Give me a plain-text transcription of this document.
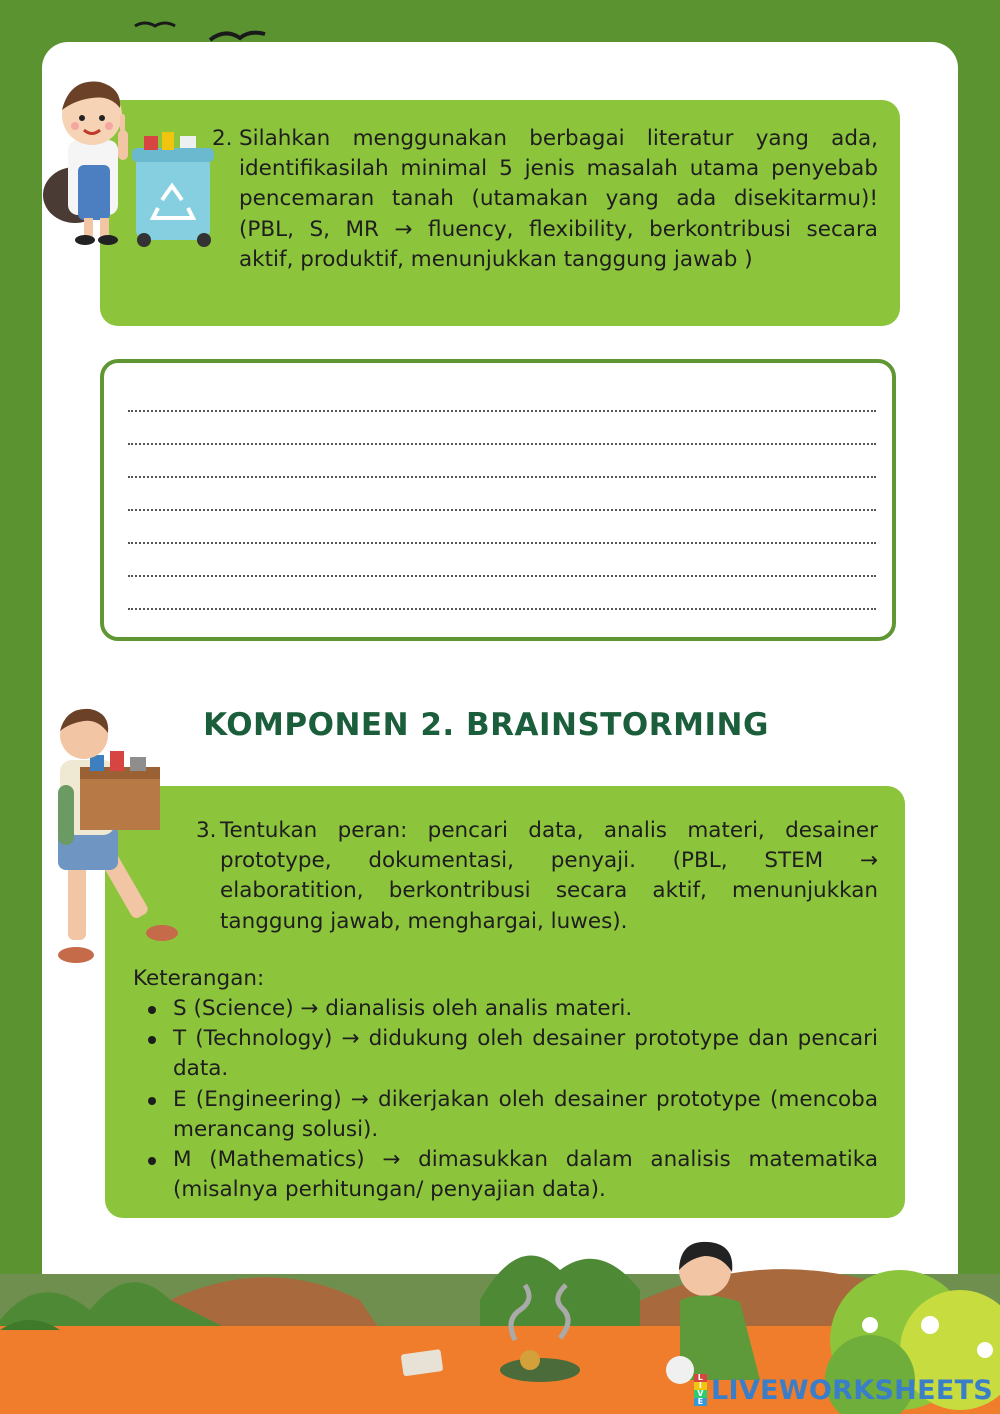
2. Silahkan menggunakan berbagai literatur yang ada, identifikasilah minimal 5 jenis masalah utama penyebab pencemaran tanah (utamakan yang ada disekitarmu)! (PBL, S, MR → fluency, flexibility, berkontribusi secara aktif, produktif, menunjukkan tanggung jawab )
KOMPONEN 2. BRAINSTORMING
3. Tentukan peran: pencari data, analis materi, desainer prototype, dokumentasi, penyaji. (PBL, STEM → elaboratition, berkontribusi secara aktif, menunjukkan tanggung jawab, menghargai, luwes).
Keterangan:
S (Science) → dianalisis oleh analis materi.
T (Technology) → didukung oleh desainer prototype dan pencari data.
E (Engineering) → dikerjakan oleh desainer prototype (mencoba merancang solusi).
M (Mathematics) → dimasukkan dalam analisis matematika (misalnya perhitungan/ penyajian data).
L
I
V
E LIVEWORKSHEETS
